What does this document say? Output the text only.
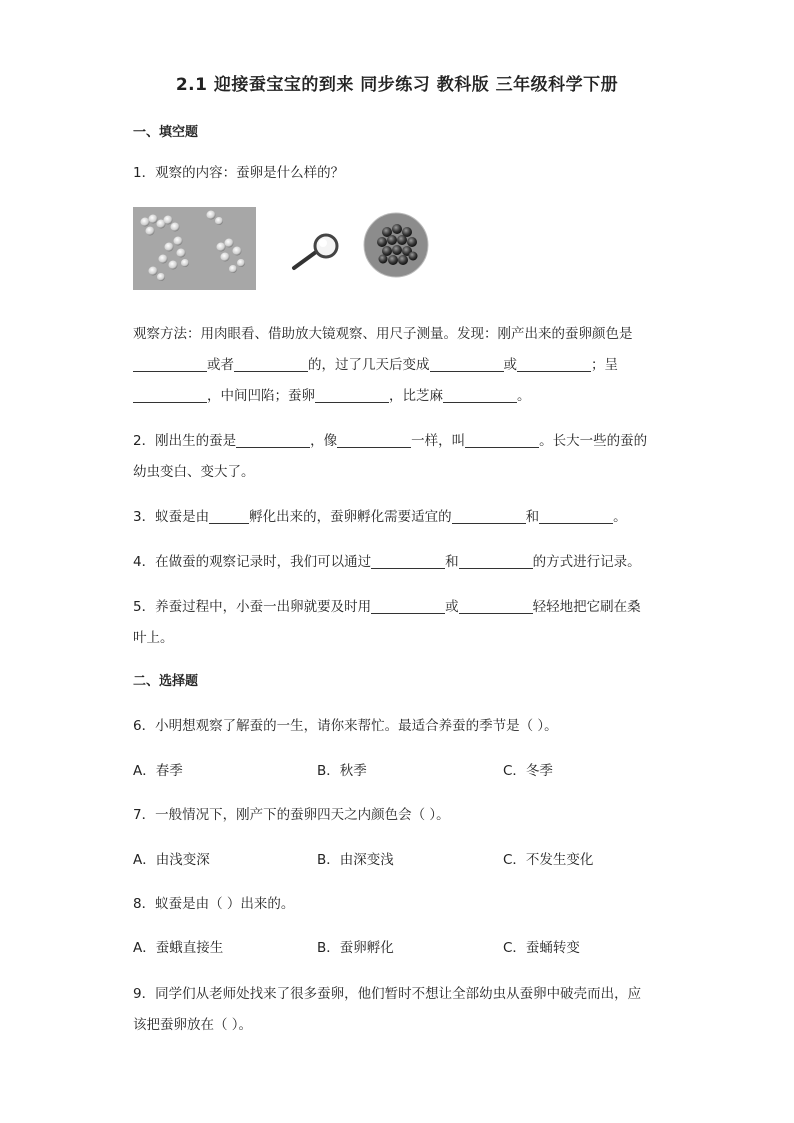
2.1 迎接蚕宝宝的到来 同步练习 教科版 三年级科学下册
一、填空题
1．观察的内容：蚕卵是什么样的？
观察方法：用肉眼看、借助放大镜观察、用尺子测量。发现：刚产出来的蚕卵颜色是
或者	的，过了几天后变成	或	；呈
，中间凹陷；蚕卵	，比芝麻	。
2．刚出生的蚕是	，像	一样，叫	。长大一些的蚕的
幼虫变白、变大了。
3．蚁蚕是由	孵化出来的，蚕卵孵化需要适宜的	和	。
4．在做蚕的观察记录时，我们可以通过	和	的方式进行记录。
5．养蚕过程中，小蚕一出卵就要及时用	或	轻轻地把它刷在桑
叶上。
二、选择题
6．小明想观察了解蚕的一生，请你来帮忙。最适合养蚕的季节是（ ）。
A．春季	B．秋季	C．冬季
7．一般情况下，刚产下的蚕卵四天之内颜色会（ ）。
A．由浅变深	B．由深变浅	C．不发生变化
8．蚁蚕是由（ ）出来的。
A．蚕蛾直接生	B．蚕卵孵化	C．蚕蛹转变
9．同学们从老师处找来了很多蚕卵，他们暂时不想让全部幼虫从蚕卵中破壳而出，应
该把蚕卵放在（ ）。
